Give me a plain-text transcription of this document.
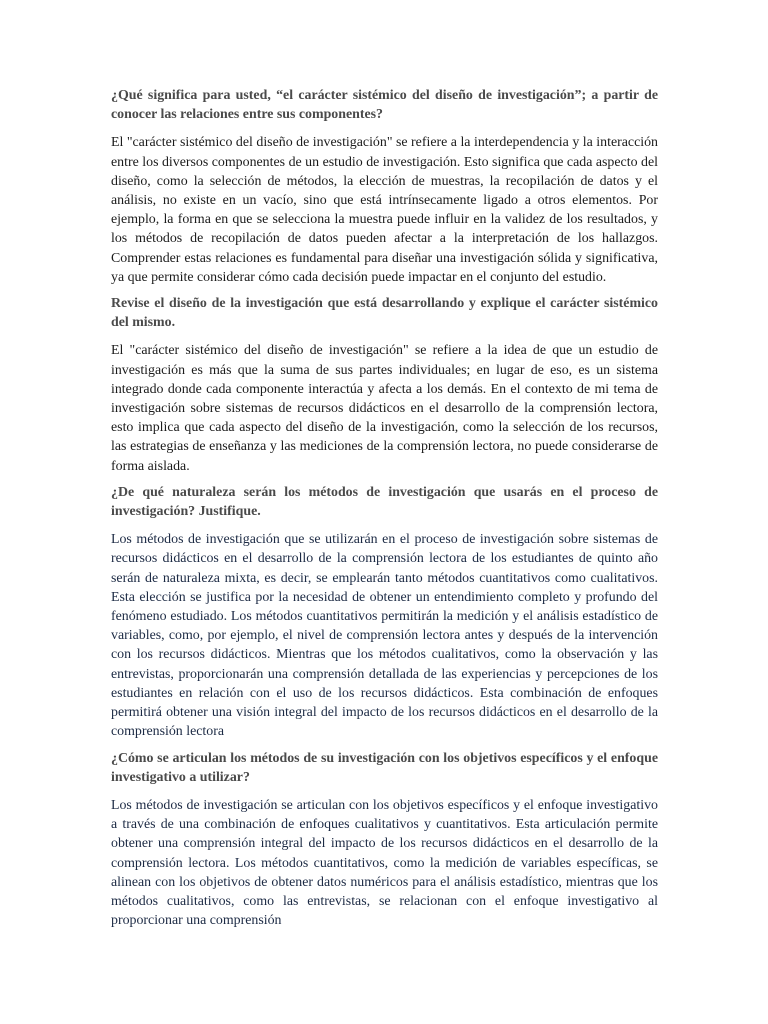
¿Qué significa para usted, “el carácter sistémico del diseño de investigación”; a partir de conocer las relaciones entre sus componentes?

El "carácter sistémico del diseño de investigación" se refiere a la interdependencia y la interacción entre los diversos componentes de un estudio de investigación. Esto significa que cada aspecto del diseño, como la selección de métodos, la elección de muestras, la recopilación de datos y el análisis, no existe en un vacío, sino que está intrínsecamente ligado a otros elementos. Por ejemplo, la forma en que se selecciona la muestra puede influir en la validez de los resultados, y los métodos de recopilación de datos pueden afectar a la interpretación de los hallazgos. Comprender estas relaciones es fundamental para diseñar una investigación sólida y significativa, ya que permite considerar cómo cada decisión puede impactar en el conjunto del estudio.

Revise el diseño de la investigación que está desarrollando y explique el carácter sistémico del mismo.

El "carácter sistémico del diseño de investigación" se refiere a la idea de que un estudio de investigación es más que la suma de sus partes individuales; en lugar de eso, es un sistema integrado donde cada componente interactúa y afecta a los demás. En el contexto de mi tema de investigación sobre sistemas de recursos didácticos en el desarrollo de la comprensión lectora, esto implica que cada aspecto del diseño de la investigación, como la selección de los recursos, las estrategias de enseñanza y las mediciones de la comprensión lectora, no puede considerarse de forma aislada.

¿De qué naturaleza serán los métodos de investigación que usarás en el proceso de investigación? Justifique.

Los métodos de investigación que se utilizarán en el proceso de investigación sobre sistemas de recursos didácticos en el desarrollo de la comprensión lectora de los estudiantes de quinto año serán de naturaleza mixta, es decir, se emplearán tanto métodos cuantitativos como cualitativos. Esta elección se justifica por la necesidad de obtener un entendimiento completo y profundo del fenómeno estudiado. Los métodos cuantitativos permitirán la medición y el análisis estadístico de variables, como, por ejemplo, el nivel de comprensión lectora antes y después de la intervención con los recursos didácticos. Mientras que los métodos cualitativos, como la observación y las entrevistas, proporcionarán una comprensión detallada de las experiencias y percepciones de los estudiantes en relación con el uso de los recursos didácticos. Esta combinación de enfoques permitirá obtener una visión integral del impacto de los recursos didácticos en el desarrollo de la comprensión lectora

¿Cómo se articulan los métodos de su investigación con los objetivos específicos y el enfoque investigativo a utilizar?

Los métodos de investigación se articulan con los objetivos específicos y el enfoque investigativo a través de una combinación de enfoques cualitativos y cuantitativos. Esta articulación permite obtener una comprensión integral del impacto de los recursos didácticos en el desarrollo de la comprensión lectora. Los métodos cuantitativos, como la medición de variables específicas, se alinean con los objetivos de obtener datos numéricos para el análisis estadístico, mientras que los métodos cualitativos, como las entrevistas, se relacionan con el enfoque investigativo al proporcionar una comprensión
